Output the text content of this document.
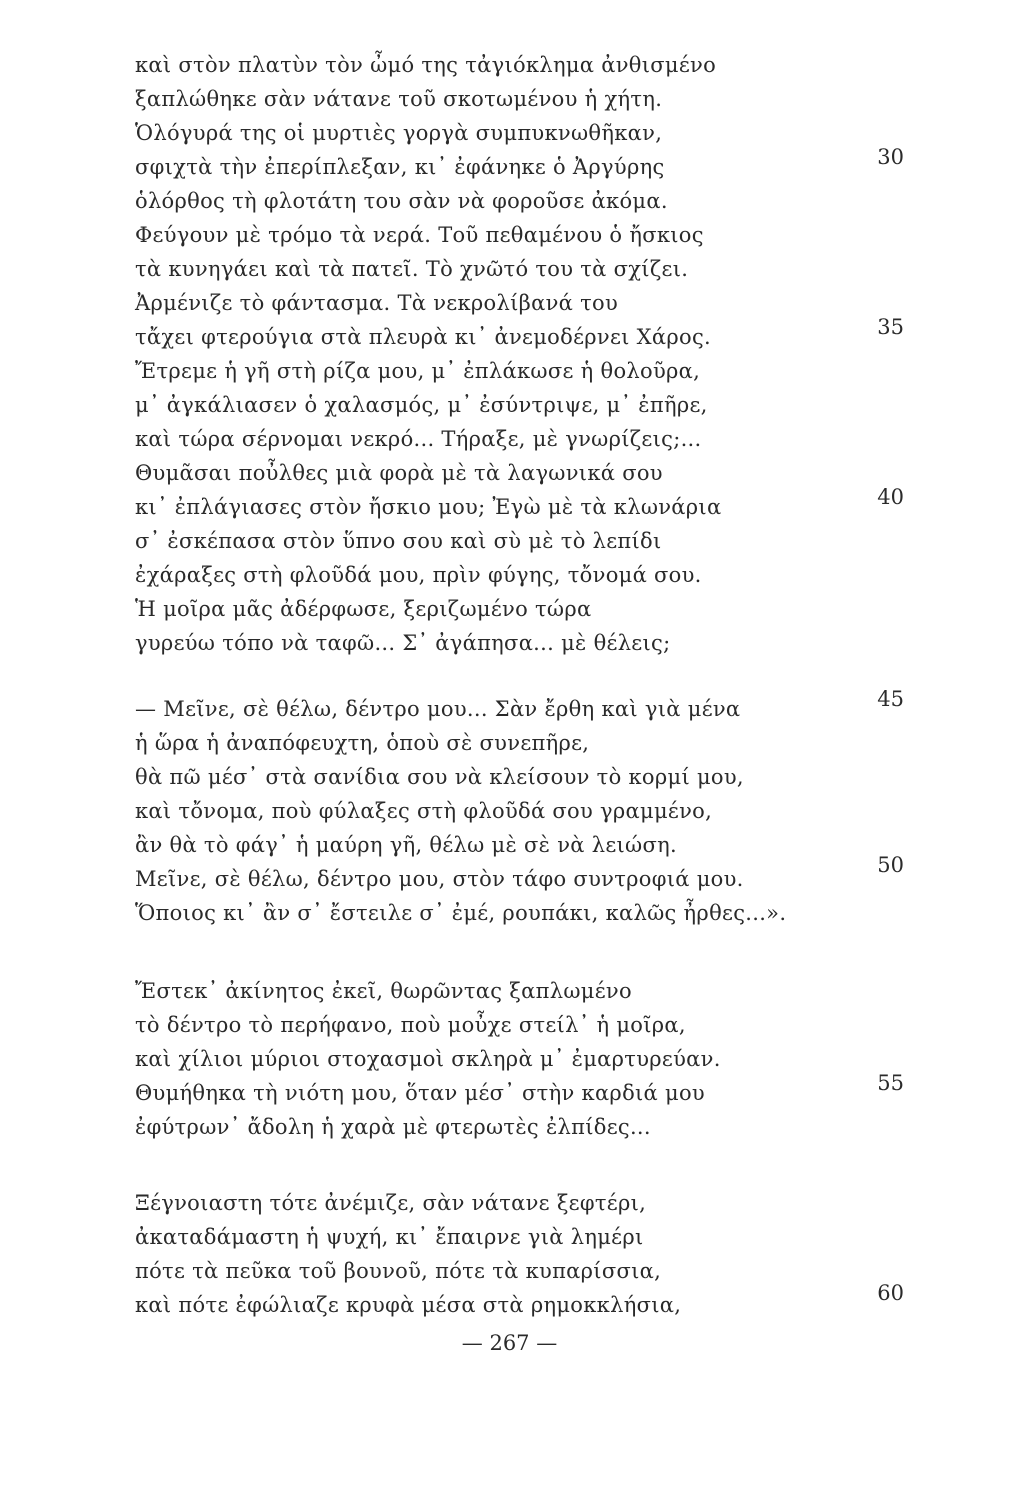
καὶ στὸν πλατὺν τὸν ὦμό της τἀγιόκλημα ἀνθισμένο
ξαπλώθηκε σὰν νάτανε τοῦ σκοτωμένου ἡ χήτη.
Ὁλόγυρά της οἱ μυρτιὲς γοργὰ συμπυκνωθῆκαν,
σφιχτὰ τὴν ἐπερίπλεξαν, κι᾽ ἐφάνηκε ὁ Ἀργύρης
ὁλόρθος τὴ φλοτάτη του σὰν νὰ φοροῦσε ἀκόμα.
Φεύγουν μὲ τρόμο τὰ νερά. Τοῦ πεθαμένου ὁ ἤσκιος
τὰ κυνηγάει καὶ τὰ πατεῖ. Τὸ χνῶτό του τὰ σχίζει.
Ἀρμένιζε τὸ φάντασμα. Τὰ νεκρολίβανά του
τἄχει φτερούγια στὰ πλευρὰ κι᾽ ἀνεμοδέρνει Χάρος.
Ἔτρεμε ἡ γῆ στὴ ρίζα μου, μ᾽ ἐπλάκωσε ἡ θολοῦρα,
μ᾽ ἀγκάλιασεν ὁ χαλασμός, μ᾽ ἐσύντριψε, μ᾽ ἐπῆρε,
καὶ τώρα σέρνομαι νεκρό... Τήραξε, μὲ γνωρίζεις;...
Θυμᾶσαι ποὖλθες μιὰ φορὰ μὲ τὰ λαγωνικά σου
κι᾽ ἐπλάγιασες στὸν ἤσκιο μου; Ἐγὼ μὲ τὰ κλωνάρια
σ᾽ ἐσκέπασα στὸν ὕπνο σου καὶ σὺ μὲ τὸ λεπίδι
ἐχάραξες στὴ φλοῦδά μου, πρὶν φύγης, τὄνομά σου.
Ἡ μοῖρα μᾶς ἀδέρφωσε, ξεριζωμένο τώρα
γυρεύω τόπο νὰ ταφῶ... Σ᾽ ἀγάπησα... μὲ θέλεις;
— Μεῖνε, σὲ θέλω, δέντρο μου... Σὰν ἔρθη καὶ γιὰ μένα
ἡ ὥρα ἡ ἀναπόφευχτη, ὁποὺ σὲ συνεπῆρε,
θὰ πῶ μέσ᾽ στὰ σανίδια σου νὰ κλείσουν τὸ κορμί μου,
καὶ τὄνομα, ποὺ φύλαξες στὴ φλοῦδά σου γραμμένο,
ἂν θὰ τὸ φάγ᾽ ἡ μαύρη γῆ, θέλω μὲ σὲ νὰ λειώση.
Μεῖνε, σὲ θέλω, δέντρο μου, στὸν τάφο συντροφιά μου.
Ὅποιος κι᾽ ἂν σ᾽ ἔστειλε σ᾽ ἐμέ, ρουπάκι, καλῶς ἦρθες...».
Ἔστεκ᾽ ἀκίνητος ἐκεῖ, θωρῶντας ξαπλωμένο
τὸ δέντρο τὸ περήφανο, ποὺ μοὖχε στείλ᾽ ἡ μοῖρα,
καὶ χίλιοι μύριοι στοχασμοὶ σκληρὰ μ᾽ ἐμαρτυρεύαν.
Θυμήθηκα τὴ νιότη μου, ὅταν μέσ᾽ στὴν καρδιά μου
ἐφύτρων᾽ ἄδολη ἡ χαρὰ μὲ φτερωτὲς ἐλπίδες...
Ξέγνοιαστη τότε ἀνέμιζε, σὰν νάτανε ξεφτέρι,
ἀκαταδάμαστη ἡ ψυχή, κι᾽ ἔπαιρνε γιὰ λημέρι
πότε τὰ πεῦκα τοῦ βουνοῦ, πότε τὰ κυπαρίσσια,
καὶ πότε ἐφώλιαζε κρυφὰ μέσα στὰ ρημοκκλήσια,
30
35
40
45
50
55
60
— 267 —
